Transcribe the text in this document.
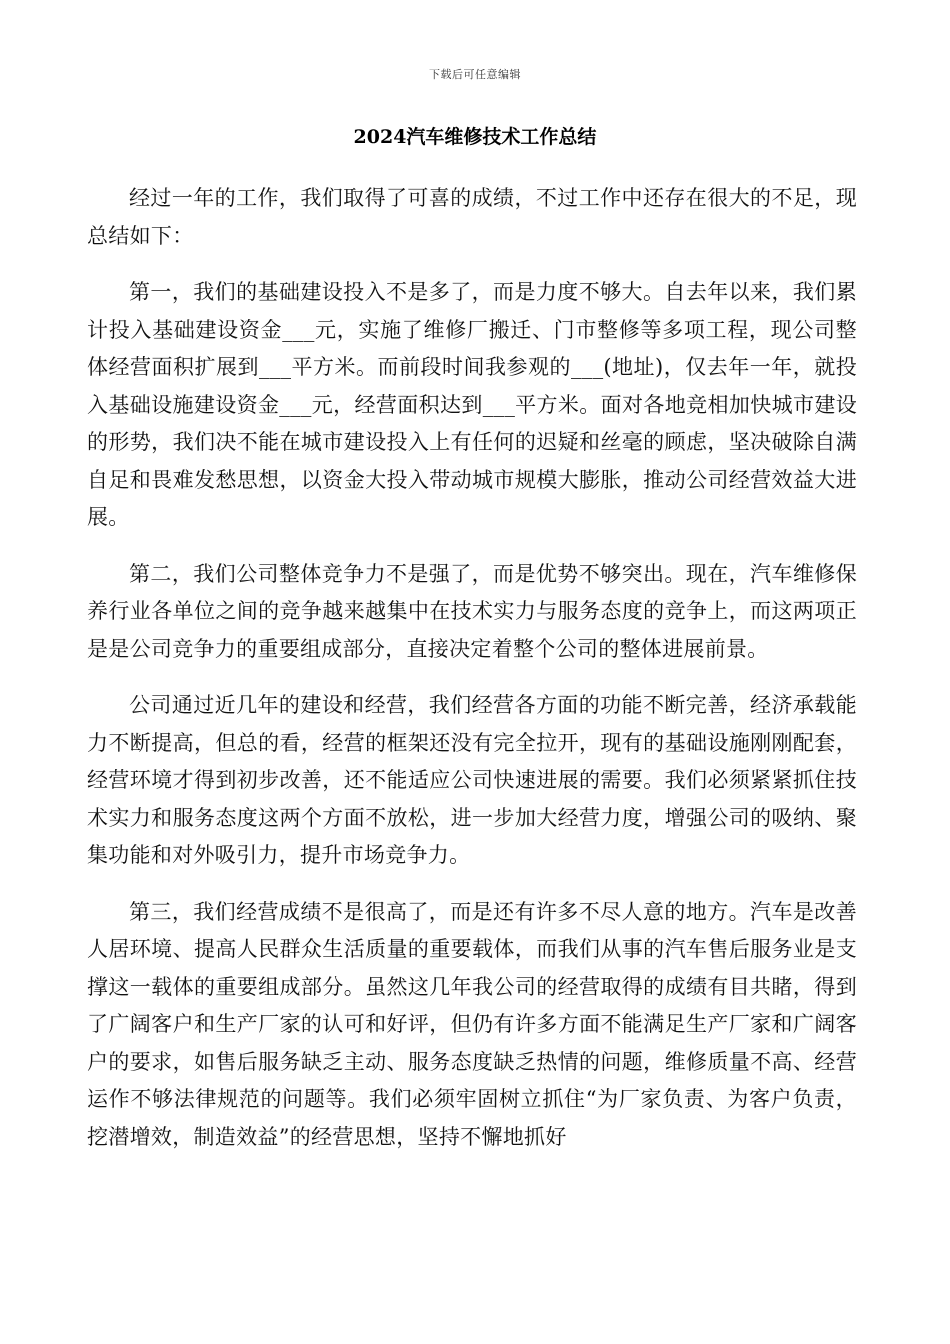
下载后可任意编辑
2024汽车维修技术工作总结

经过一年的工作，我们取得了可喜的成绩，不过工作中还存在很大的不足，现总结如下：

第一，我们的基础建设投入不是多了，而是力度不够大。自去年以来，我们累计投入基础建设资金___元，实施了维修厂搬迁、门市整修等多项工程，现公司整体经营面积扩展到___平方米。而前段时间我参观的___(地址)，仅去年一年，就投入基础设施建设资金___元，经营面积达到___平方米。面对各地竞相加快城市建设的形势，我们决不能在城市建设投入上有任何的迟疑和丝毫的顾虑，坚决破除自满自足和畏难发愁思想，以资金大投入带动城市规模大膨胀，推动公司经营效益大进展。

第二，我们公司整体竞争力不是强了，而是优势不够突出。现在，汽车维修保养行业各单位之间的竞争越来越集中在技术实力与服务态度的竞争上，而这两项正是是公司竞争力的重要组成部分，直接决定着整个公司的整体进展前景。

公司通过近几年的建设和经营，我们经营各方面的功能不断完善，经济承载能力不断提高，但总的看，经营的框架还没有完全拉开，现有的基础设施刚刚配套，经营环境才得到初步改善，还不能适应公司快速进展的需要。我们必须紧紧抓住技术实力和服务态度这两个方面不放松，进一步加大经营力度，增强公司的吸纳、聚集功能和对外吸引力，提升市场竞争力。

第三，我们经营成绩不是很高了，而是还有许多不尽人意的地方。汽车是改善人居环境、提高人民群众生活质量的重要载体，而我们从事的汽车售后服务业是支撑这一载体的重要组成部分。虽然这几年我公司的经营取得的成绩有目共睹，得到了广阔客户和生产厂家的认可和好评，但仍有许多方面不能满足生产厂家和广阔客户的要求，如售后服务缺乏主动、服务态度缺乏热情的问题，维修质量不高、经营运作不够法律规范的问题等。我们必须牢固树立抓住“为厂家负责、为客户负责，挖潜增效，制造效益”的经营思想，坚持不懈地抓好
